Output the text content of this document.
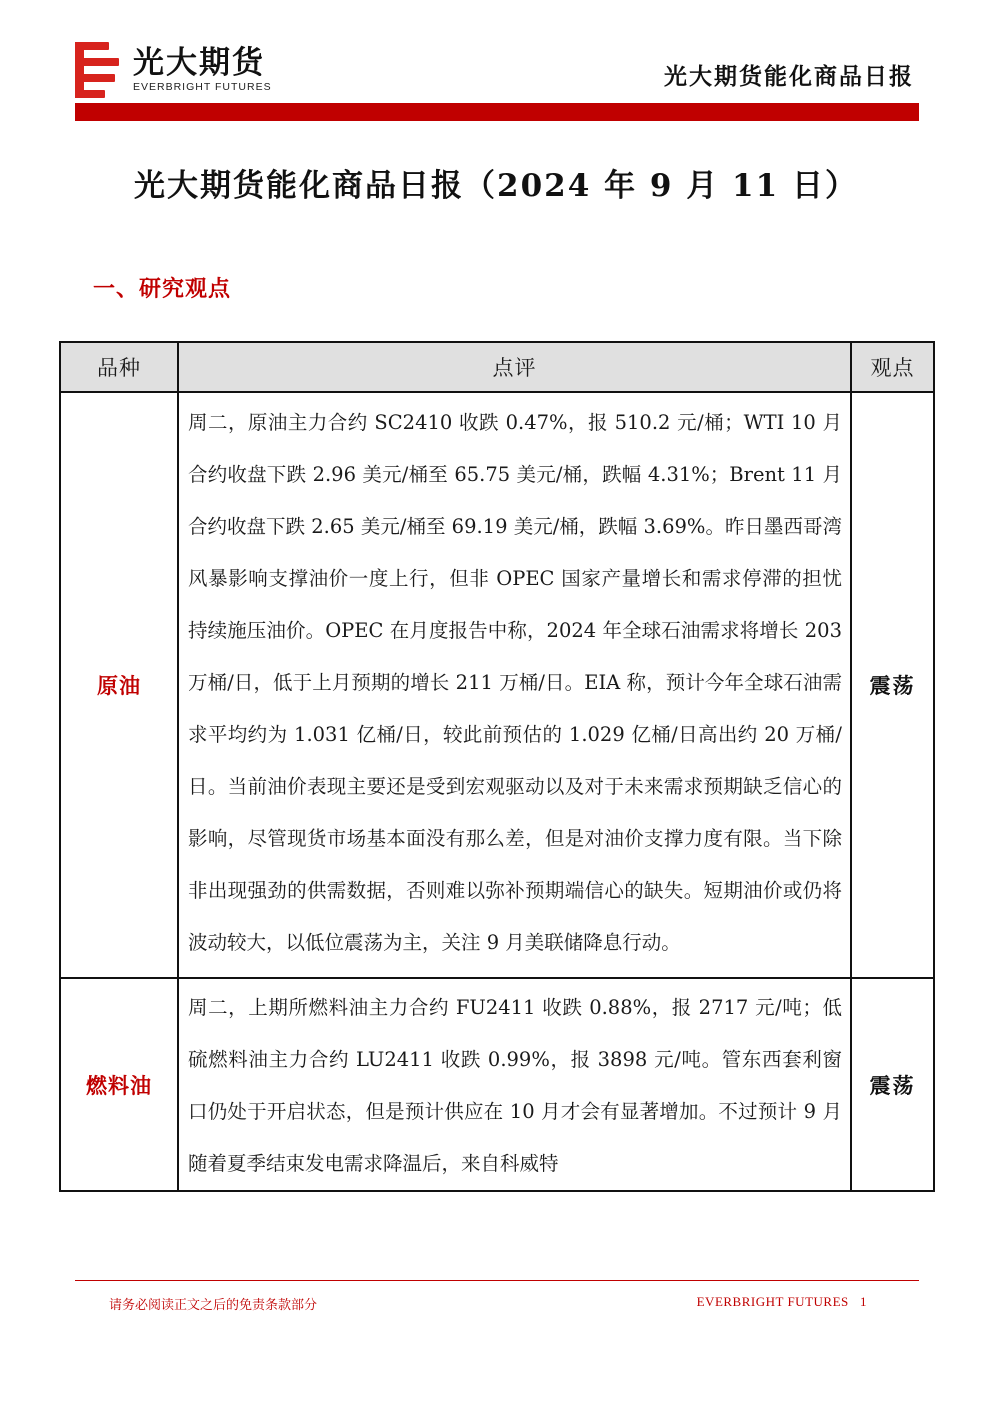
光大期货
EVERBRIGHT FUTURES	光大期货能化商品日报
光大期货能化商品日报（2024 年 9 月 11 日）
一、研究观点
品种	点评	观点
原油	周二，原油主力合约 SC2410 收跌 0.47%，报 510.2 元/桶；WTI 10 月合约收盘下跌 2.96 美元/桶至 65.75 美元/桶，跌幅 4.31%；Brent 11 月合约收盘下跌 2.65 美元/桶至 69.19 美元/桶，跌幅 3.69%。昨日墨西哥湾风暴影响支撑油价一度上行，但非 OPEC 国家产量增长和需求停滞的担忧持续施压油价。OPEC 在月度报告中称，2024 年全球石油需求将增长 203 万桶/日，低于上月预期的增长 211 万桶/日。EIA 称，预计今年全球石油需求平均约为 1.031 亿桶/日，较此前预估的 1.029 亿桶/日高出约 20 万桶/日。当前油价表现主要还是受到宏观驱动以及对于未来需求预期缺乏信心的影响，尽管现货市场基本面没有那么差，但是对油价支撑力度有限。当下除非出现强劲的供需数据，否则难以弥补预期端信心的缺失。短期油价或仍将波动较大，以低位震荡为主，关注 9 月美联储降息行动。	震荡
燃料油	周二，上期所燃料油主力合约 FU2411 收跌 0.88%，报 2717 元/吨；低硫燃料油主力合约 LU2411 收跌 0.99%，报 3898 元/吨。管东西套利窗口仍处于开启状态，但是预计供应在 10 月才会有显著增加。不过预计 9 月随着夏季结束发电需求降温后，来自科威特	震荡
请务必阅读正文之后的免责条款部分	EVERBRIGHT FUTURES 1
